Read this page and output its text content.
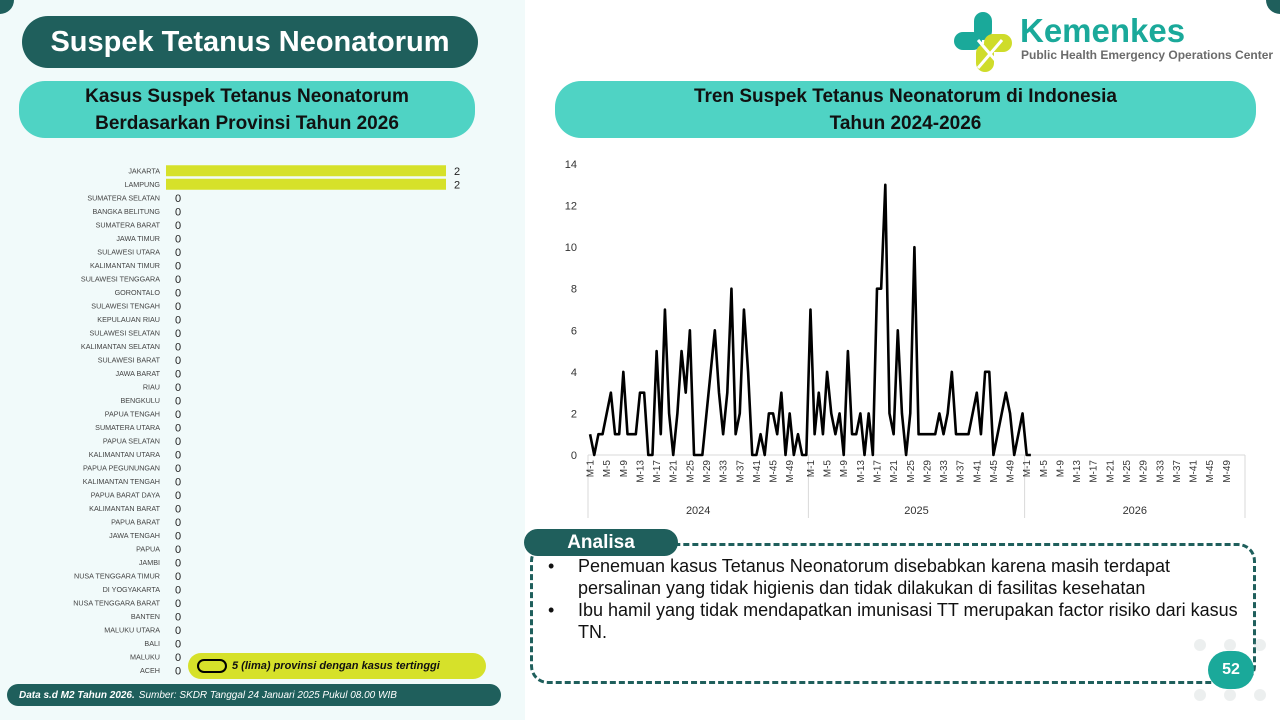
Suspek Tetanus Neonatorum	Kemenkes
Public Health Emergency Operations Center
Kasus Suspek Tetanus Neonatorum
Berdasarkan Provinsi Tahun 2026
Tren Suspek Tetanus Neonatorum di Indonesia
Tahun 2024-2026
JAKARTA	2
LAMPUNG	2
SUMATERA SELATAN 0
BANGKA BELITUNG 0
SUMATERA BARAT 0
JAWA TIMUR 0
SULAWESI UTARA 0
KALIMANTAN TIMUR 0
SULAWESI TENGGARA 0
GORONTALO 0
SULAWESI TENGAH 0
KEPULAUAN RIAU 0
SULAWESI SELATAN 0
KALIMANTAN SELATAN 0
SULAWESI BARAT 0
JAWA BARAT 0
RIAU 0
BENGKULU 0
PAPUA TENGAH 0
SUMATERA UTARA 0
PAPUA SELATAN 0
KALIMANTAN UTARA 0
PAPUA PEGUNUNGAN 0
KALIMANTAN TENGAH 0
PAPUA BARAT DAYA 0
KALIMANTAN BARAT 0
PAPUA BARAT 0
JAWA TENGAH 0
PAPUA 0
JAMBI 0
NUSA TENGGARA TIMUR 0
DI YOGYAKARTA 0
NUSA TENGGARA BARAT 0
BANTEN 0
MALUKU UTARA 0
BALI 0
MALUKU 0
ACEH 0	5 (lima) provinsi dengan kasus tertinggi
Data s.d M2 Tahun 2026. Sumber: SKDR Tanggal 24 Januari 2025 Pukul 08.00 WIB
0
2
4
6
8
10
12
14
2024
M-1 M-5 M-9 M-13 M-17 M-21 M-25 M-29 M-33 M-37 M-41 M-45 M-49
2025
M-1 M-5 M-9 M-13 M-17 M-21 M-25 M-29 M-33 M-37 M-41 M-45 M-49
2026
M-1 M-5 M-9 M-13 M-17 M-21 M-25 M-29 M-33 M-37 M-41 M-45 M-49
Analisa
• Penemuan kasus Tetanus Neonatorum disebabkan karena masih terdapat persalinan yang tidak higienis dan tidak dilakukan di fasilitas kesehatan
• Ibu hamil yang tidak mendapatkan imunisasi TT merupakan factor risiko dari kasus TN.
52
